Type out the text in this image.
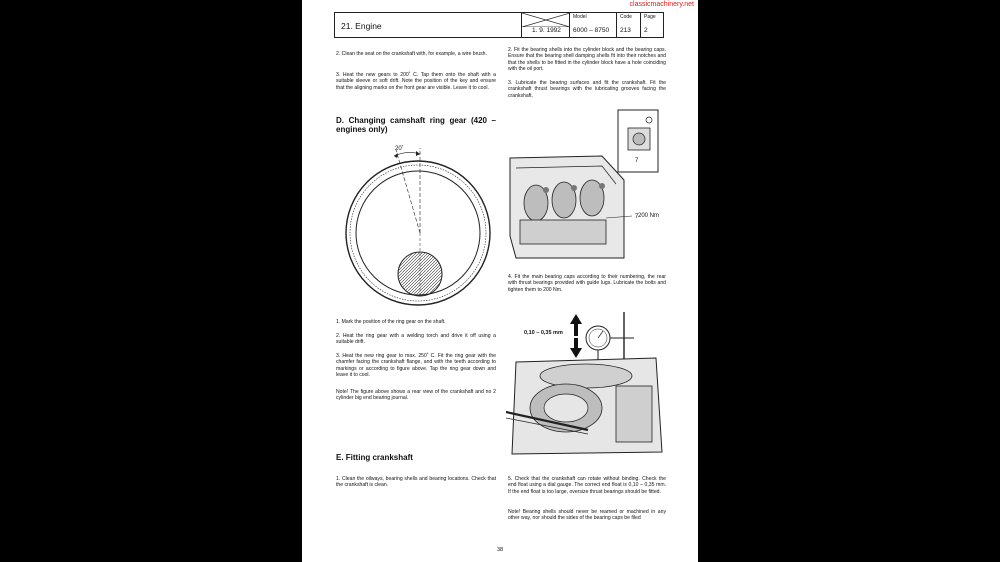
classicmachinery.net
21. Engine	1. 9. 1992
Model
6000 – 8750
Code
213
Page
2
2. Clean the seat on the crankshaft with, for example, a wire brush.
3. Heat the new gears to 200˚ C. Tap them onto the shaft with a suitable sleeve or soft drift. Note the position of the key and ensure that the aligning marks on the front gear are visible. Leave it to cool.
D. Changing camshaft ring gear (420 – engines only)
20˚
1. Mark the position of the ring gear on the shaft.
2. Heat the ring gear with a welding torch and drive it off using a suitable drift.
3. Heat the new ring gear to max. 250˚ C. Fit the ring gear with the chamfer facing the crankshaft flange, and with the teeth according to markings or according to figure above. Tap the ring gear down and leave it to cool.
Note! The figure above shows a rear view of the crankshaft and no 2 cylinder big end bearing journal.
E. Fitting crankshaft
1. Clean the oilways, bearing shells and bearing locations. Check that the crankshaft is clean.
2. Fit the bearing shells into the cylinder block and the bearing caps. Ensure that the bearing shell damping shells fit into their notches and that the shells to be fitted in the cylinder block have a hole coinciding with the oil port.
3. Lubricate the bearing surfaces and fit the crankshaft. Fit the crankshaft thrust bearings with the lubricating grooves facing the crankshaft.
7
7
200 Nm
4. Fit the main bearing caps according to their numbering, the rear with thrust bearings provided with guide lugs. Lubricate the bolts and tighten them to 200 Nm.
0,10 – 0,35 mm
5. Check that the crankshaft can rotate without binding. Check the end float using a dial gauge. The correct end float is 0,10 – 0,35 mm. If the end float is too large, oversize thrust bearings should be fitted.
Note! Bearing shells should never be reamed or machined in any other way, nor should the sides of the bearing caps be filed
38
